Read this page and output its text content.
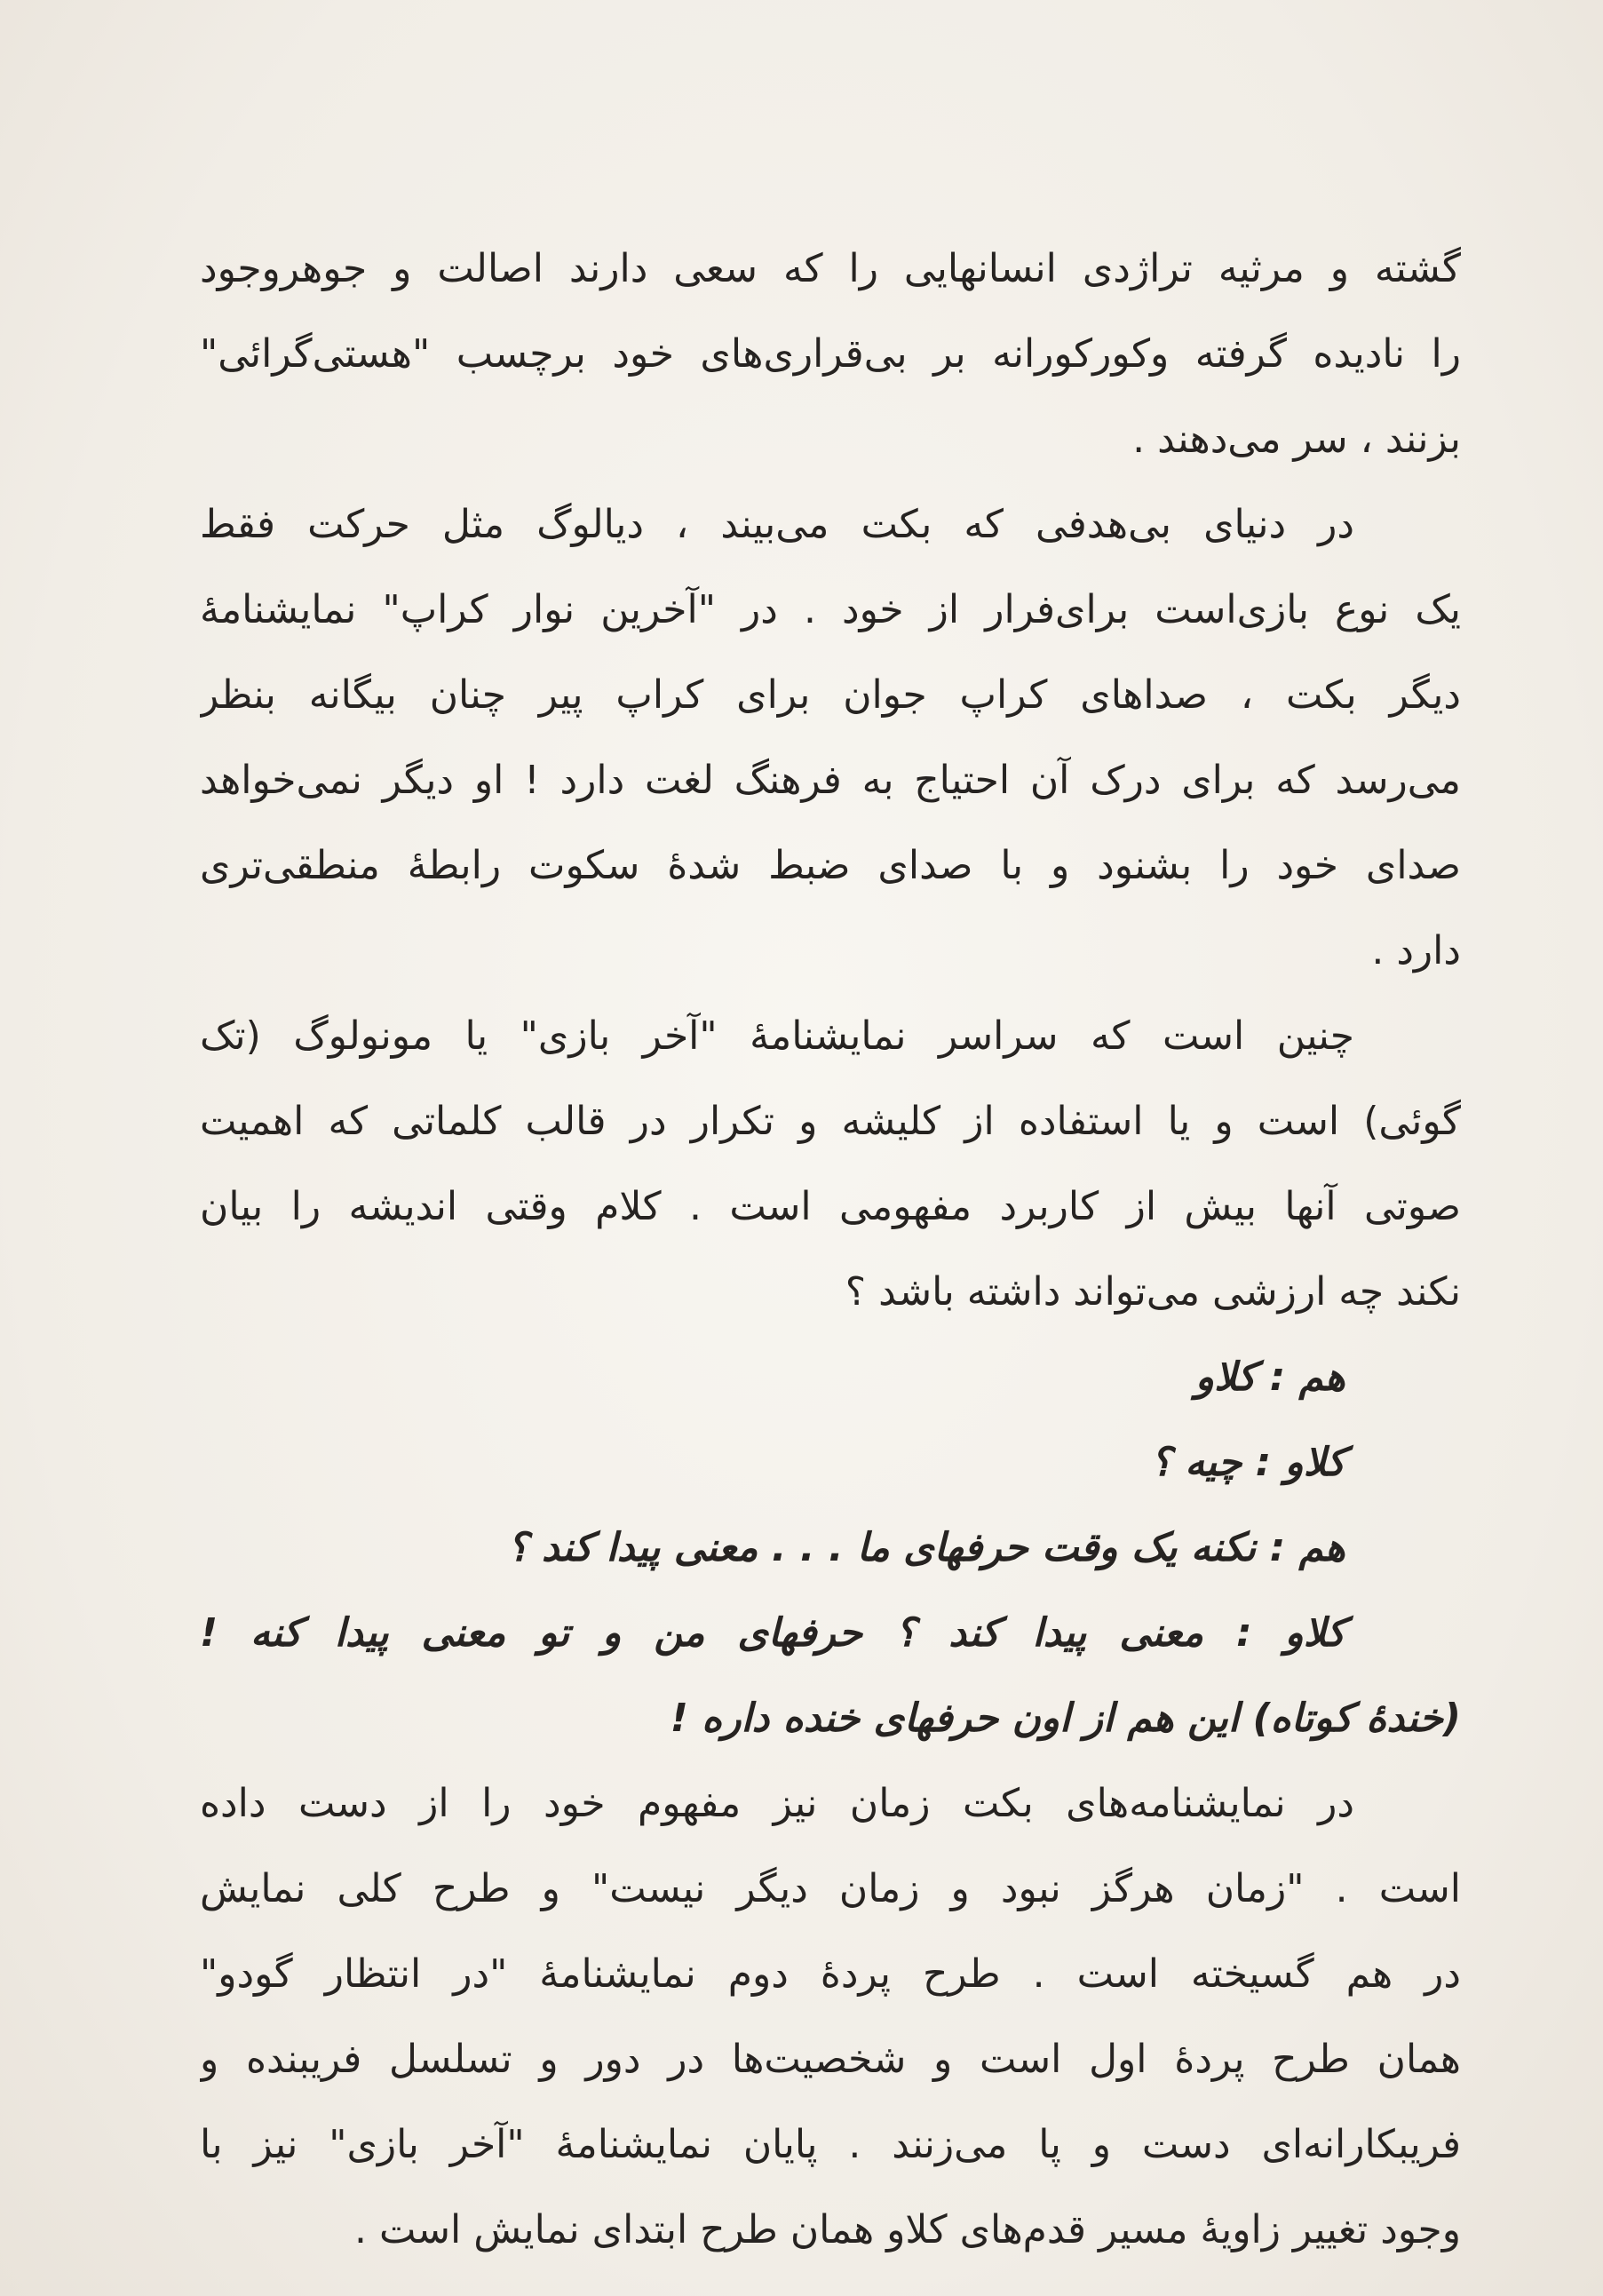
گشته و مرثیه تراژدی انسانهایی را که سعی دارند اصالت و جوهروجود
را نادیده گرفته وکورکورانه بر بی‌قراری‌های خود برچسب "هستی‌گرائی"
بزنند ، سر می‌دهند .
در دنیای بی‌هدفی که بکت می‌بیند ، دیالوگ مثل حرکت فقط
یک نوع بازی‌است برای‌فرار از خود . در "آخرین نوار کراپ" نمایشنامهٔ
دیگر بکت ، صداهای کراپ جوان برای کراپ پیر چنان بیگانه بنظر
می‌رسد که برای درک آن احتیاج به فرهنگ لغت دارد ! او دیگر نمی‌خواهد
صدای خود را بشنود و با صدای ضبط شدهٔ سکوت رابطهٔ منطقی‌تری
دارد .
چنین است که سراسر نمایشنامهٔ "آخر بازی" یا مونولوگ (تک
گوئی) است و یا استفاده از کلیشه و تکرار در قالب کلماتی که اهمیت
صوتی آنها بیش از کاربرد مفهومی است . کلام وقتی اندیشه را بیان
نکند چه ارزشی می‌تواند داشته باشد ؟
هم : کلاو
کلاو : چیه ؟
هم : نکنه یک وقت حرفهای ما . . . معنی پیدا کند ؟
کلاو : معنی پیدا کند ؟ حرفهای من و تو معنی پیدا کنه !
(خندهٔ کوتاه) این هم از اون حرفهای خنده داره !
در نمایشنامه‌های بکت زمان نیز مفهوم خود را از دست داده
است . "زمان هرگز نبود و زمان دیگر نیست" و طرح کلی نمایش
در هم گسیخته است . طرح پردهٔ دوم نمایشنامهٔ "در انتظار گودو"
همان طرح پردهٔ اول است و شخصیت‌ها در دور و تسلسل فریبنده و
فریبکارانه‌ای دست و پا می‌زنند . پایان نمایشنامهٔ "آخر بازی" نیز با
وجود تغییر زاویهٔ مسیر قدم‌های کلاو همان طرح ابتدای نمایش است .
